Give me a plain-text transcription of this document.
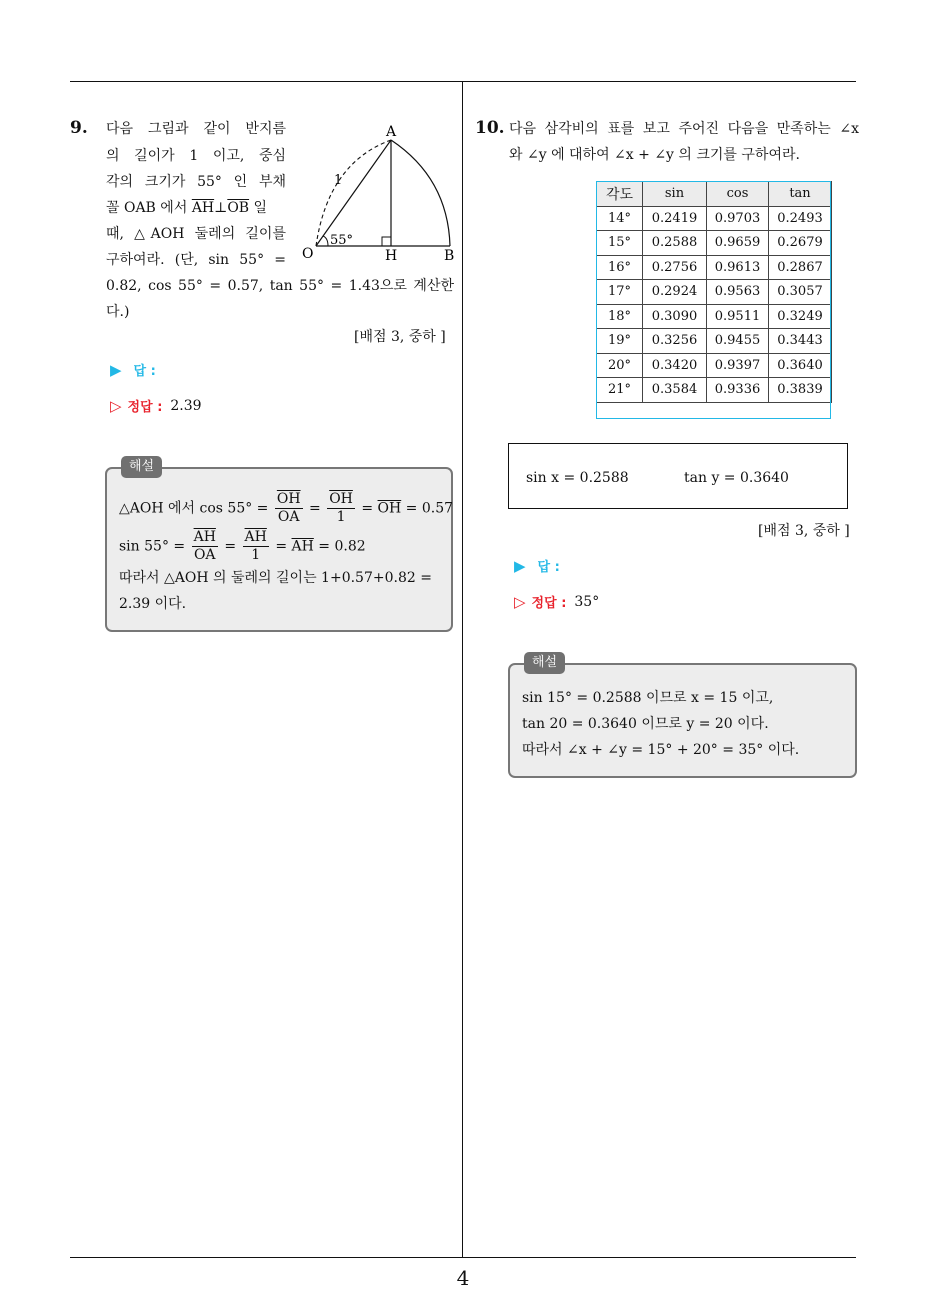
4
9. 다음 그림과 같이 반지름
의 길이가 1 이고, 중심
각의 크기가 55° 인 부채
꼴 OAB 에서 $\overline{AH}\perp\overline{OB}$ 일
때, △AOH 둘레의 길이를
구하여라. (단, sin 55° =
0.82, cos 55° = 0.57, tan 55° = 1.43으로 계산한
다.)
A
O	H	B
1
55°
[배점 3, 중하 ]
▶ 답 :
▷ 정답 : 2.39
해설
△AOH 에서 $\cos 55^\circ = \frac{\overline{OH}}{OA} = \frac{\overline{OH}}{1} = \overline{OH} = 0.57$
$\sin 55^\circ = \frac{\overline{AH}}{OA} = \frac{\overline{AH}}{1} = \overline{AH} = 0.82$
따라서 △AOH 의 둘레의 길이는 1+0.57+0.82 =
2.39 이다.
10. 다음 삼각비의 표를 보고 주어진 다음을 만족하는 ∠x
와 ∠y 에 대하여 ∠x + ∠y 의 크기를 구하여라.
각도	sin	cos	tan
14°	0.2419	0.9703	0.2493
15°	0.2588	0.9659	0.2679
16°	0.2756	0.9613	0.2867
17°	0.2924	0.9563	0.3057
18°	0.3090	0.9511	0.3249
19°	0.3256	0.9455	0.3443
20°	0.3420	0.9397	0.3640
21°	0.3584	0.9336	0.3839
sin x = 0.2588	tan y = 0.3640
[배점 3, 중하 ]
▶ 답 :
▷ 정답 : 35°
해설
sin 15° = 0.2588 이므로 x = 15 이고,
tan 20 = 0.3640 이므로 y = 20 이다.
따라서 ∠x + ∠y = 15° + 20° = 35° 이다.
